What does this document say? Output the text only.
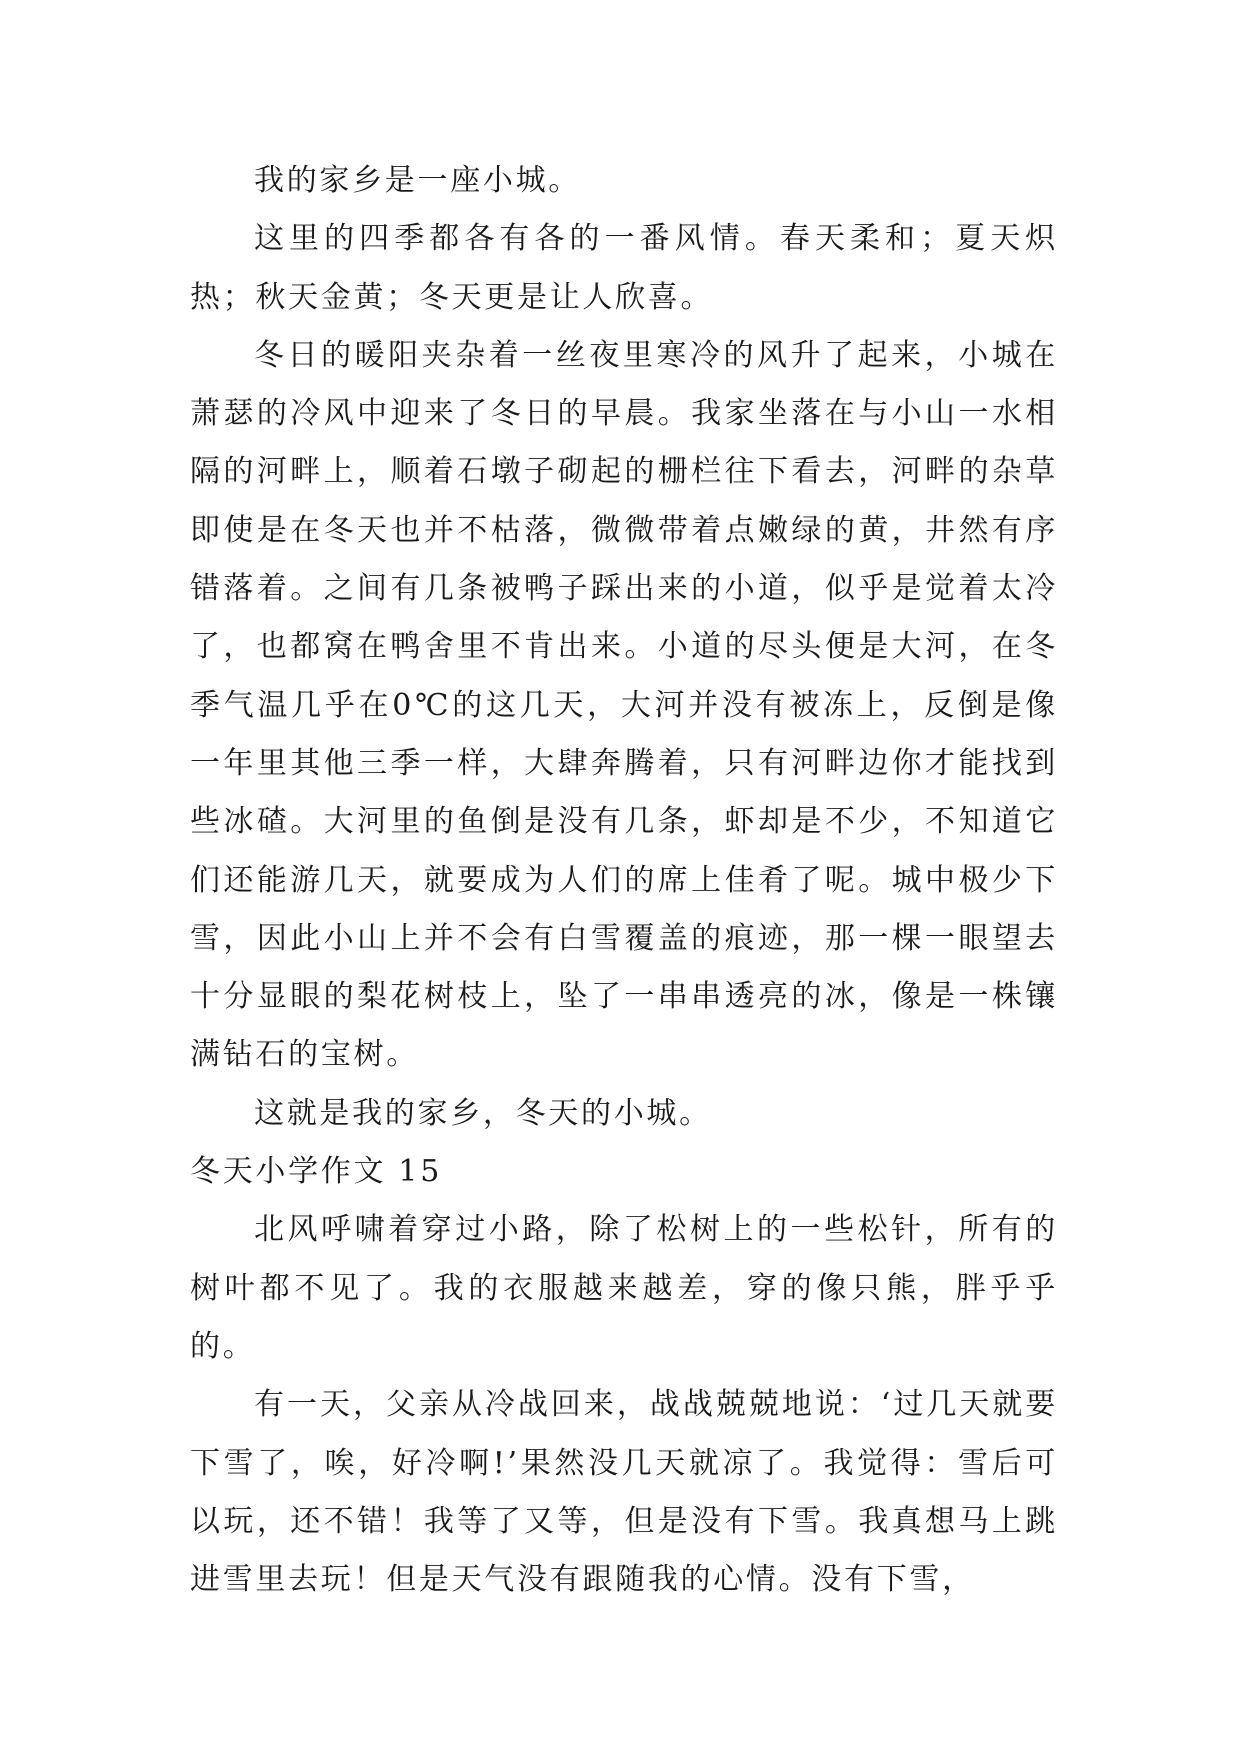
我的家乡是一座小城。

这里的四季都各有各的一番风情。春天柔和；夏天炽热；秋天金黄；冬天更是让人欣喜。

冬日的暖阳夹杂着一丝夜里寒冷的风升了起来，小城在萧瑟的冷风中迎来了冬日的早晨。我家坐落在与小山一水相隔的河畔上，顺着石墩子砌起的栅栏往下看去，河畔的杂草即使是在冬天也并不枯落，微微带着点嫩绿的黄，井然有序错落着。之间有几条被鸭子踩出来的小道，似乎是觉着太冷了，也都窝在鸭舍里不肯出来。小道的尽头便是大河，在冬季气温几乎在0℃的这几天，大河并没有被冻上，反倒是像一年里其他三季一样，大肆奔腾着，只有河畔边你才能找到些冰碴。大河里的鱼倒是没有几条，虾却是不少，不知道它们还能游几天，就要成为人们的席上佳肴了呢。城中极少下雪，因此小山上并不会有白雪覆盖的痕迹，那一棵一眼望去十分显眼的梨花树枝上，坠了一串串透亮的冰，像是一株镶满钻石的宝树。

这就是我的家乡，冬天的小城。

冬天小学作文 15

北风呼啸着穿过小路，除了松树上的一些松针，所有的树叶都不见了。我的衣服越来越差，穿的像只熊，胖乎乎的。

有一天，父亲从冷战回来，战战兢兢地说：‘过几天就要下雪了，唉，好冷啊!’果然没几天就凉了。我觉得：雪后可以玩，还不错！我等了又等，但是没有下雪。我真想马上跳进雪里去玩！但是天气没有跟随我的心情。没有下雪，
